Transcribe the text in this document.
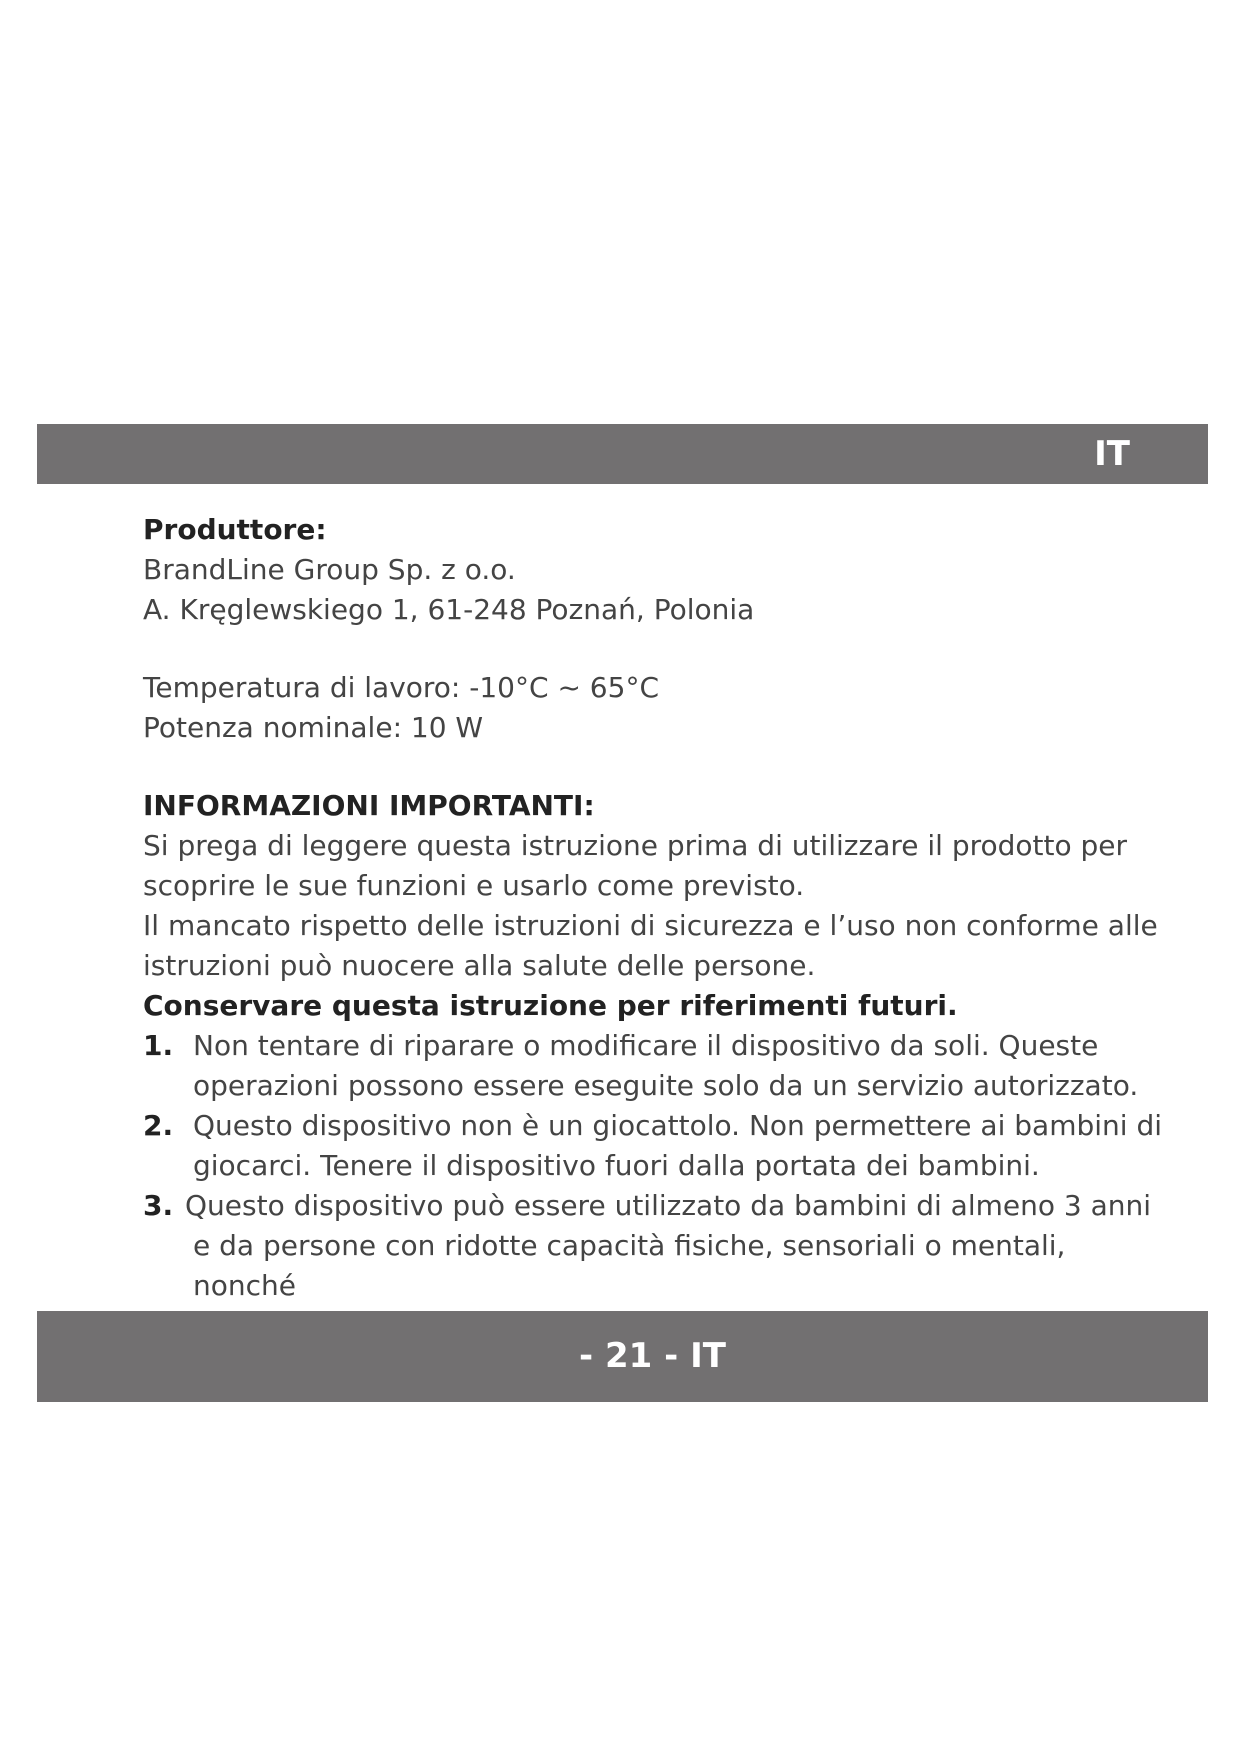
IT
Produttore:
BrandLine Group Sp. z o.o.
A. Kręglewskiego 1, 61-248 Poznań, Polonia
Temperatura di lavoro: -10°C ~ 65°C
Potenza nominale: 10 W
INFORMAZIONI IMPORTANTI:
Si prega di leggere questa istruzione prima di utilizzare il prodotto per
scoprire le sue funzioni e usarlo come previsto.
Il mancato rispetto delle istruzioni di sicurezza e l’uso non conforme alle
istruzioni può nuocere alla salute delle persone.
Conservare questa istruzione per riferimenti futuri.
1. Non tentare di riparare o modificare il dispositivo da soli. Queste
operazioni possono essere eseguite solo da un servizio autorizzato.
2. Questo dispositivo non è un giocattolo. Non permettere ai bambini di
giocarci. Tenere il dispositivo fuori dalla portata dei bambini.
3. Questo dispositivo può essere utilizzato da bambini di almeno 3 anni
e da persone con ridotte capacità fisiche, sensoriali o mentali, nonché
- 21 - IT
